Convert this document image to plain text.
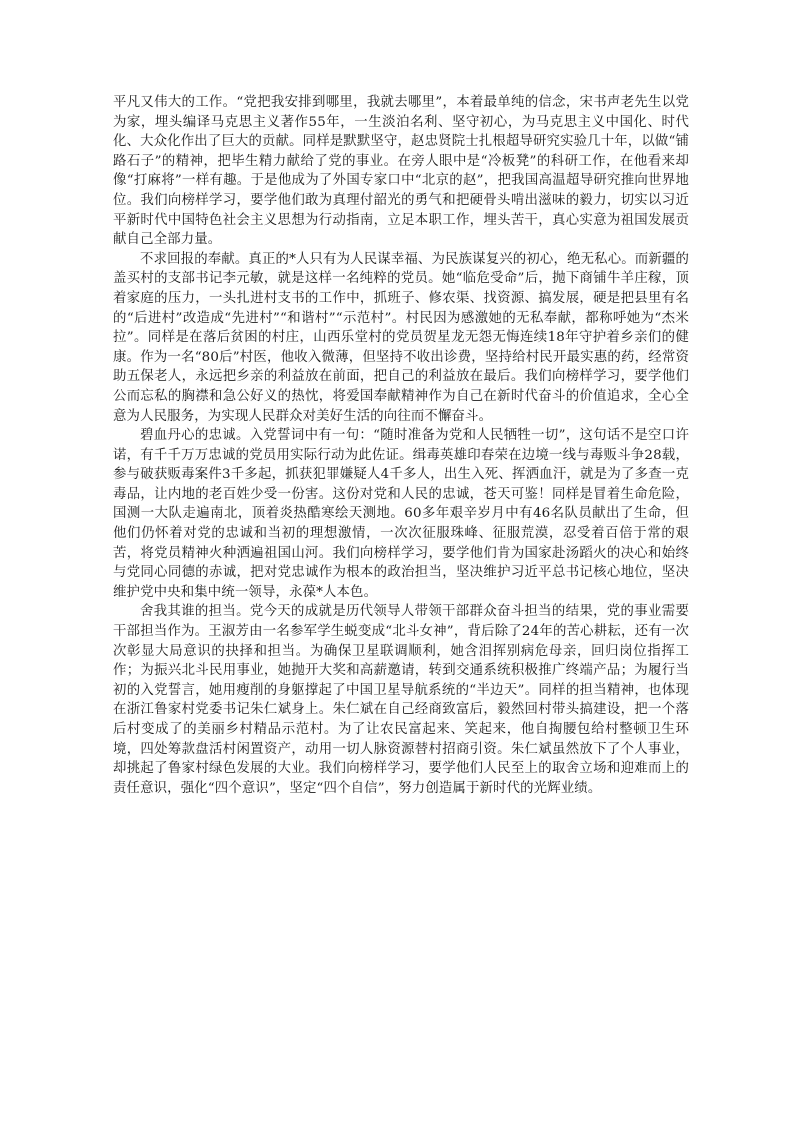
平凡又伟大的工作。“党把我安排到哪里，我就去哪里”，本着最单纯的信念，宋书声老先生以党为家，埋头编译马克思主义著作55年，一生淡泊名利、坚守初心，为马克思主义中国化、时代化、大众化作出了巨大的贡献。同样是默默坚守，赵忠贤院士扎根超导研究实验几十年，以做“铺路石子”的精神，把毕生精力献给了党的事业。在旁人眼中是“冷板凳”的科研工作，在他看来却像“打麻将”一样有趣。于是他成为了外国专家口中“北京的赵”，把我国高温超导研究推向世界地位。我们向榜样学习，要学他们敢为真理付韶光的勇气和把硬骨头啃出滋味的毅力，切实以习近平新时代中国特色社会主义思想为行动指南，立足本职工作，埋头苦干，真心实意为祖国发展贡献自己全部力量。

不求回报的奉献。真正的*人只有为人民谋幸福、为民族谋复兴的初心，绝无私心。而新疆的盖买村的支部书记李元敏，就是这样一名纯粹的党员。她“临危受命”后，抛下商铺牛羊庄稼，顶着家庭的压力，一头扎进村支书的工作中，抓班子、修农渠、找资源、搞发展，硬是把县里有名的“后进村”改造成“先进村”“和谐村”“示范村”。村民因为感激她的无私奉献，都称呼她为“杰米拉”。同样是在落后贫困的村庄，山西乐堂村的党员贺星龙无怨无悔连续18年守护着乡亲们的健康。作为一名“80后”村医，他收入微薄，但坚持不收出诊费，坚持给村民开最实惠的药，经常资助五保老人，永远把乡亲的利益放在前面，把自己的利益放在最后。我们向榜样学习，要学他们公而忘私的胸襟和急公好义的热忱，将爱国奉献精神作为自己在新时代奋斗的价值追求，全心全意为人民服务，为实现人民群众对美好生活的向往而不懈奋斗。

碧血丹心的忠诚。入党誓词中有一句：“随时准备为党和人民牺牲一切”，这句话不是空口许诺，有千千万万忠诚的党员用实际行动为此佐证。缉毒英雄印春荣在边境一线与毒贩斗争28载，参与破获贩毒案件3千多起，抓获犯罪嫌疑人4千多人，出生入死、挥洒血汗，就是为了多查一克毒品，让内地的老百姓少受一份害。这份对党和人民的忠诚，苍天可鉴！同样是冒着生命危险，国测一大队走遍南北，顶着炎热酷寒绘天测地。60多年艰辛岁月中有46名队员献出了生命，但他们仍怀着对党的忠诚和当初的理想激情，一次次征服珠峰、征服荒漠，忍受着百倍于常的艰苦，将党员精神火种洒遍祖国山河。我们向榜样学习，要学他们肯为国家赴汤蹈火的决心和始终与党同心同德的赤诚，把对党忠诚作为根本的政治担当，坚决维护习近平总书记核心地位，坚决维护党中央和集中统一领导，永葆*人本色。

舍我其谁的担当。党今天的成就是历代领导人带领干部群众奋斗担当的结果，党的事业需要干部担当作为。王淑芳由一名参军学生蜕变成“北斗女神”，背后除了24年的苦心耕耘，还有一次次彰显大局意识的抉择和担当。为确保卫星联调顺利，她含泪挥别病危母亲，回归岗位指挥工作；为振兴北斗民用事业，她抛开大奖和高薪邀请，转到交通系统积极推广终端产品；为履行当初的入党誓言，她用瘦削的身躯撑起了中国卫星导航系统的“半边天”。同样的担当精神，也体现在浙江鲁家村党委书记朱仁斌身上。朱仁斌在自己经商致富后，毅然回村带头搞建设，把一个落后村变成了的美丽乡村精品示范村。为了让农民富起来、笑起来，他自掏腰包给村整顿卫生环境，四处筹款盘活村闲置资产，动用一切人脉资源替村招商引资。朱仁斌虽然放下了个人事业，却挑起了鲁家村绿色发展的大业。我们向榜样学习，要学他们人民至上的取舍立场和迎难而上的责任意识，强化“四个意识”，坚定“四个自信”，努力创造属于新时代的光辉业绩。
